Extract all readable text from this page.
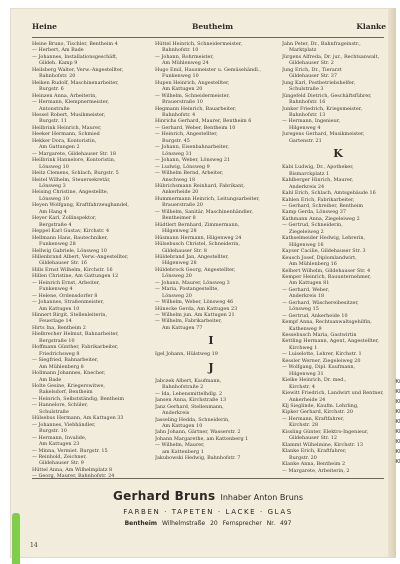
Ki
Kl
Kl
Kl
Kl
Kl
Kl
Kl
Kl
Heine	Beutheim	Klanke
Heine Bruno, Tischler, Bentheim 4
— Herbert, Am Bade
— Johannes, Installationsgeschäft,
Gildeh. Kamp 9
Heilsberg Walter, Verw.-Angestellter,
Bahnhofstr. 20
Heiken Rudolf, Maschinenarbeiter,
Burgstr. 6
Heinzen Anna, Arbeiterin,
— Hermann, Klempnermeister,
Antonstraße
Hessel Robert, Musikmeister,
Burgstr. 11
Heilbrink Heinrich, Maurer,
Heeker Hermann, Schmied
Hekker Dora, Kontoristin,
Am Gattungen 2
— Margarete, Gildehauser Str. 18
Heilbrink Hannelore, Kontoristin,
Lönsweg 10
Heitz Clemens, Schlach, Burgstr. 5
Heitel Wilhelm, Steuersekretär,
Lönsweg 3
Heising Christine, Angestellte,
Lönsweg 10
Heyen Wolfgang, Kraftfahrzeughandel,
Am Hang 4
Heyer Karl, Zollinspektor,
Bergstraße 4
Heppel Karl Gustav, Kirchstr. 4
Hellmann Hans, Bautechniker,
Funkenweg 28
Hellwig Gabriele, Lönsweg 10
Hillenbrand Albert, Verw.-Angestellter,
Gildehauser Str. 16
Hills Ernst Wilhelm, Kirchstr. 16
Hillen Christine, Am Gattungen 12
— Heinrich Ernst, Arbeiter,
Funkenweg 4
— Helene, Ordensdorfer 8
— Johannes, Straßenmeister,
Am Kattugen 10
Hinnert Birgit, Stellenleiterin,
Feuerlage 14
Hirts Ina, Bentheim 2
Hielbrecher Helmut, Bahnarbeiter,
Bergstraße 10
Hoffmann Günther, Fabrikarbeiter,
Friedrichsweg 8
— Siegfried, Bahnarbeiter,
Am Mühlenberg 8
Hollmann Johannes, Knecher,
Am Bade
Holte Gesine, Kriegerswitwe,
Rakelsdorf, Bentheim
— Heinrich, Selbstständig, Bentheim
— Hannelore, Schüler,
Schulstraße
Hülsebus Hermann, Am Kattugen 33
— Johannes, Viehhändler,
Burgstr. 10
— Hermann, Invalide,
Am Kattugen 23
— Minna, Vermiet. Burgstr. 15
— Reinhold, Zeichner,
Gildehauser Str. 9
Hüttel Anna, Am Wilhelmplatz 8
— Georg, Maurer, Bahnhofstr. 24
Hüttel Heinrich, Schneidermeister,
Bahnhofstr. 10
— Johann, Rohrmeister,
Am Mühlenweg 24
Hugo Emil, Hausmeister u. Gemüsehändl.,
Funkenweg 10
Hupen Heinrich, Angestellter,
Am Kattugen 20
— Wilhelm, Schneidermeister,
Brauerstraße 10
Hegmann Heinrich, Bauarbeiter,
Bahnhofstr. 4
Hinrichs Gerhard, Maurer, Bentheim 6
— Gerhard, Weber, Bentheim 10
— Heinrich, Angestellter,
Burgstr. 45
— Johann, Eisenbahnarbeiter,
Lönsweg 31
— Johann, Weber, Lönsweg 21
— Ludwig, Lönsweg 9
— Wilhelm Bernd, Arbeiter,
Anschweg 18
Hübrichsmann Reinhard, Fabrikant,
Ankerheide 20
Hummermann Heinrich, Leitungsarbeiter,
Brauerstraße 20
— Wilhelm, Sanitär, Maschinenhändler,
Bentheimer 8
Hüdtlert Bernhard, Zimmermann,
Hilgenweg 28
Hüsmann Hermann, Hilgenweg 24
Hülsebusch Christel, Schneiderin,
Gildehauser Str. 8
Hüldebrand Jan, Angestellter,
Hilgenweg 28
Hüldebrock Georg, Angestellter,
Lönsweg 20
— Johann, Maurer, Lönsweg 3
— Maria, Postangestellte,
Lönsweg 20
— Wilhelm, Weber, Lönsweg 46
Hünecke Gerda, Am Kattugen 23
— Wilhelm jun. Am Kattugen 21
— Wilhelm, Fabrikarbeiter,
Am Kattugen 77
I
Igel Johann, Hülstweg 19
J
Jabczek Albert, Kaufmann,
Bahnhofstraße 2
— Ida, Lebensmittelhdlg. 2
Jansen Anna, Kirchstraße 13
Janz Gerhard, Stellenmann,
Anderkreis
Jasseling Hedda, Schneiderin,
Am Kattugen 10
Jahn Johann, Gärtner, Wasserstr. 2
Johann Margarethe, am Kattenberg 1
— Wilhelm, Maurer,
am Kattenberg 1
Jakubowski Hedwig, Bahnhofstr. 7
Jahn Peter, Dr., Bahnfrageinstr.,
Marktplatz
Jürgens Alfreda, Dr. jur., Rechtsanwalt,
Gildehauser Str. 2
Jung Erich, Dr., Tierarzt
Gildehauser Str. 37
Jung Karl, Postbetriebshelfer,
Schulstraße 3
Jüngefeld Dietrich, Geschäftsführer,
Bahnhofstr. 16
Junker Friedrich, Kriegsmeister,
Bahnhofstr. 13
— Hermann, Ingenieur,
Hilgenweg 4
Juregens Gerhard, Musikmeister,
Gartenstr. 21
K
Kabi Ludwig, Dr., Apotheker,
Bismarckplatz 1
Kahlberger Hinrich, Maurer,
Anderkreis 24
Kahl Erich, Schlach, Amtsgebäude 16
Kahlen Erich, Fabrikarbeiter,
— Gerhard, Schreiber, Bentheim
Kamp Gerda, Lönsweg 37
Kathmann Anna, Ziegeleiweg 2
— Gertrud, Schneiderin,
Ziegeleiweg 2
Kathselmeider Hedwig, Lehrerin,
Hilgenweg 16
Kayser Cacilie, Gildehauser Str. 3
Keusch Josef, Diplomlandwirt,
Am Mühlenberg 16
Kelbert Wilhelm, Gildehauser Str. 4
Kemper Heinrich, Bauunternehmer,
Am Kattugen 81
— Gerhard, Weber,
Anderkreis 18
— Gerhard, Wäschereibesitzer,
Lönsweg 15
— Gertrud, Ankerheide 10
Kempf Anna, Rechtsanwaltsgehilfin,
Kathenweg 9
Kessebusch Maria, Gastwirtin
Kettling Hermann, Agent, Angestellter,
Kirchweg 1
— Luiselotte, Lehrer, Kirchstr. 1
Kessler Werner, Ziegeleiweg 20
— Wolfgang, Dipl. Kaufmann,
Hilgenweg 31
Kielke Heinrich, Dr. med.,
Kirchstr. 4
Kiewitt Friedrich, Landwirt und Rentner,
Ankerheide 24
Klj Sieglinde, Kaufm. Lehrling,
Kipker Gerhard, Kirchstr. 20
— Hermann, Kraftfahrer,
Kirchstr. 28
Kissling Günter, Elektro-Ingenieur,
Gildehauser Str. 12
Klammt Wilhelmine, Kirchstr. 13
Klanke Erich, Kraftfahrer,
Burgstr. 20
Klanke Anna, Bentheim 2
— Margarete, Arbeiterin, 2
Gerhard Bruns Inhaber Anton Bruns
FARBEN · TAPETEN · LACKE · GLAS
Bentheim Wilhelmstraße 20 Fernsprecher Nr. 497
14
